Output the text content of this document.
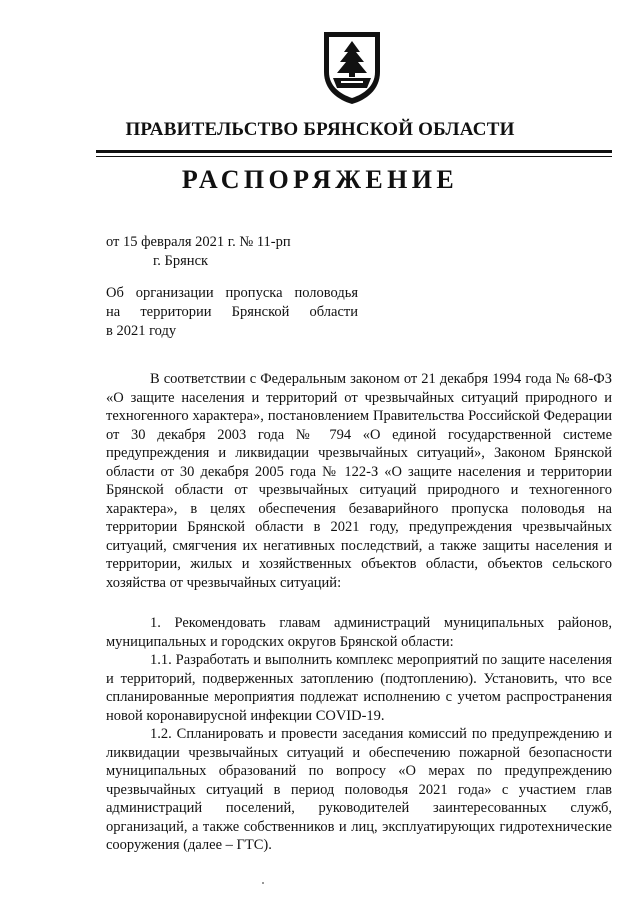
ПРАВИТЕЛЬСТВО БРЯНСКОЙ ОБЛАСТИ
РАСПОРЯЖЕНИЕ
от 15 февраля 2021 г. № 11-рп
г. Брянск
Об организации пропуска половодья
на территории Брянской области
в 2021 году

В соответствии с Федеральным законом от 21 декабря 1994 года № 68-ФЗ «О защите населения и территорий от чрезвычайных ситуаций природного и техногенного характера», постановлением Правительства Российской Федерации от 30 декабря 2003 года № 794 «О единой государственной системе предупреждения и ликвидации чрезвычайных ситуаций», Законом Брянской области от 30 декабря 2005 года № 122-З «О защите населения и территории Брянской области от чрезвычайных ситуаций природного и техногенного характера», в целях обеспечения безаварийного пропуска половодья на территории Брянской области в 2021 году, предупреждения чрезвычайных ситуаций, смягчения их негативных последствий, а также защиты населения и территории, жилых и хозяйственных объектов области, объектов сельского хозяйства от чрезвычайных ситуаций:

1. Рекомендовать главам администраций муниципальных районов, муниципальных и городских округов Брянской области:

1.1. Разработать и выполнить комплекс мероприятий по защите населения и территорий, подверженных затоплению (подтоплению). Установить, что все спланированные мероприятия подлежат исполнению с учетом распространения новой коронавирусной инфекции COVID-19.

1.2. Спланировать и провести заседания комиссий по предупреждению и ликвидации чрезвычайных ситуаций и обеспечению пожарной безопасности муниципальных образований по вопросу «О мерах по предупреждению чрезвычайных ситуаций в период половодья 2021 года» с участием глав администраций поселений, руководителей заинтересованных служб, организаций, а также собственников и лиц, эксплуатирующих гидротехнические сооружения (далее – ГТС).
